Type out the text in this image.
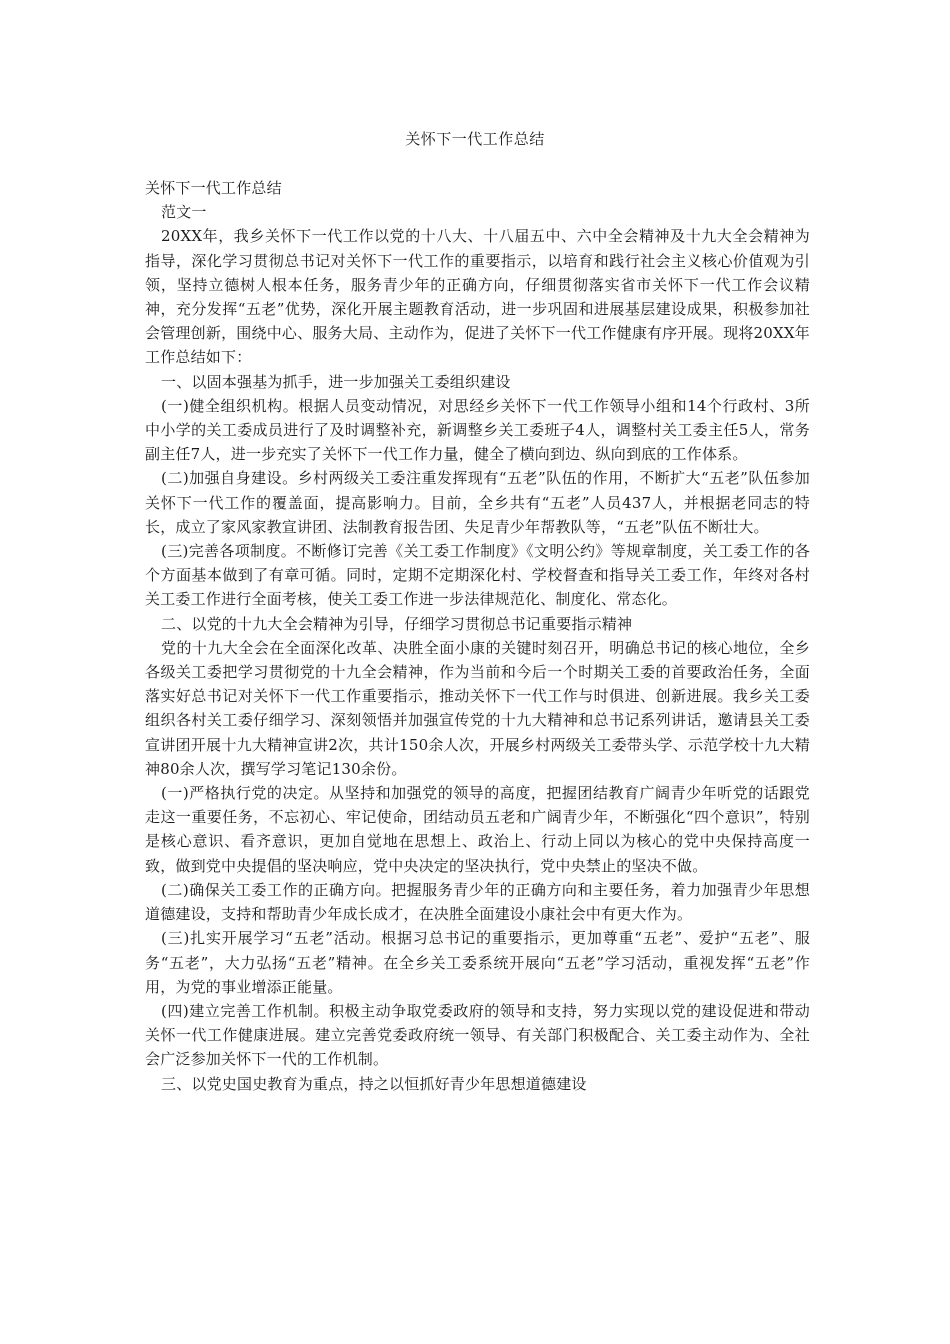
关怀下一代工作总结

关怀下一代工作总结

范文一

20XX年，我乡关怀下一代工作以党的十八大、十八届五中、六中全会精神及十九大全会精神为指导，深化学习贯彻总书记对关怀下一代工作的重要指示，以培育和践行社会主义核心价值观为引领，坚持立德树人根本任务，服务青少年的正确方向，仔细贯彻落实省市关怀下一代工作会议精神，充分发挥“五老”优势，深化开展主题教育活动，进一步巩固和进展基层建设成果，积极参加社会管理创新，围绕中心、服务大局、主动作为，促进了关怀下一代工作健康有序开展。现将20XX年工作总结如下：

一、以固本强基为抓手，进一步加强关工委组织建设

(一)健全组织机构。根据人员变动情况，对思经乡关怀下一代工作领导小组和14个行政村、3所中小学的关工委成员进行了及时调整补充，新调整乡关工委班子4人，调整村关工委主任5人，常务副主任7人，进一步充实了关怀下一代工作力量，健全了横向到边、纵向到底的工作体系。

(二)加强自身建设。乡村两级关工委注重发挥现有“五老”队伍的作用，不断扩大“五老”队伍参加关怀下一代工作的覆盖面，提高影响力。目前，全乡共有“五老”人员437人，并根据老同志的特长，成立了家风家教宣讲团、法制教育报告团、失足青少年帮教队等，“五老”队伍不断壮大。

(三)完善各项制度。不断修订完善《关工委工作制度》《文明公约》等规章制度，关工委工作的各个方面基本做到了有章可循。同时，定期不定期深化村、学校督查和指导关工委工作，年终对各村关工委工作进行全面考核，使关工委工作进一步法律规范化、制度化、常态化。

二、以党的十九大全会精神为引导，仔细学习贯彻总书记重要指示精神

党的十九大全会在全面深化改革、决胜全面小康的关键时刻召开，明确总书记的核心地位，全乡各级关工委把学习贯彻党的十九全会精神，作为当前和今后一个时期关工委的首要政治任务，全面落实好总书记对关怀下一代工作重要指示，推动关怀下一代工作与时俱进、创新进展。我乡关工委组织各村关工委仔细学习、深刻领悟并加强宣传党的十九大精神和总书记系列讲话，邀请县关工委宣讲团开展十九大精神宣讲2次，共计150余人次，开展乡村两级关工委带头学、示范学校十九大精神80余人次，撰写学习笔记130余份。

(一)严格执行党的决定。从坚持和加强党的领导的高度，把握团结教育广阔青少年听党的话跟党走这一重要任务，不忘初心、牢记使命，团结动员五老和广阔青少年，不断强化“四个意识”，特别是核心意识、看齐意识，更加自觉地在思想上、政治上、行动上同以为核心的党中央保持高度一致，做到党中央提倡的坚决响应，党中央决定的坚决执行，党中央禁止的坚决不做。

(二)确保关工委工作的正确方向。把握服务青少年的正确方向和主要任务，着力加强青少年思想道德建设，支持和帮助青少年成长成才，在决胜全面建设小康社会中有更大作为。

(三)扎实开展学习“五老”活动。根据习总书记的重要指示，更加尊重“五老”、爱护“五老”、服务“五老”，大力弘扬“五老”精神。在全乡关工委系统开展向“五老”学习活动，重视发挥“五老”作用，为党的事业增添正能量。

(四)建立完善工作机制。积极主动争取党委政府的领导和支持，努力实现以党的建设促进和带动关怀一代工作健康进展。建立完善党委政府统一领导、有关部门积极配合、关工委主动作为、全社会广泛参加关怀下一代的工作机制。

三、以党史国史教育为重点，持之以恒抓好青少年思想道德建设
